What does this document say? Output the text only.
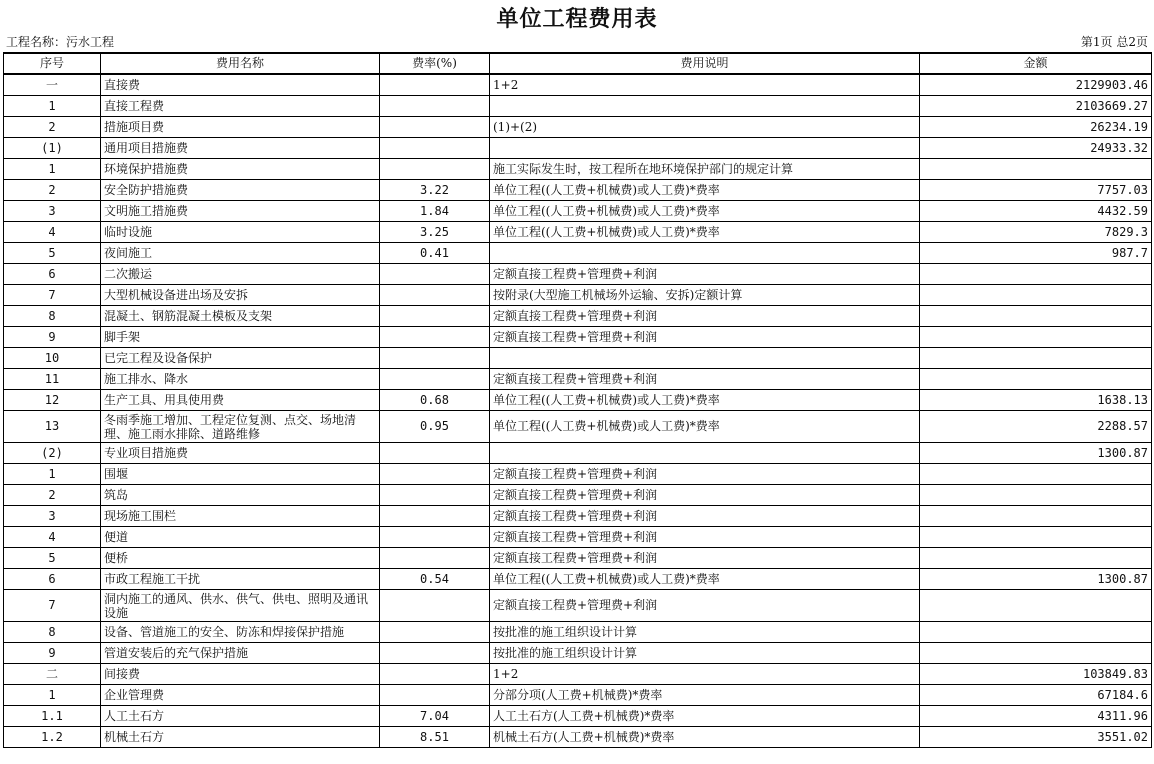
单位工程费用表
工程名称：污水工程	第1页 总2页
序号	费用名称	费率(%)	费用说明	金额
一	直接费		1+2	2129903.46
1	直接工程费			2103669.27
2	措施项目费		(1)+(2)	26234.19
(1)	通用项目措施费			24933.32
1	环境保护措施费		施工实际发生时，按工程所在地环境保护部门的规定计算	
2	安全防护措施费	3.22	单位工程((人工费+机械费)或人工费)*费率	7757.03
3	文明施工措施费	1.84	单位工程((人工费+机械费)或人工费)*费率	4432.59
4	临时设施	3.25	单位工程((人工费+机械费)或人工费)*费率	7829.3
5	夜间施工	0.41		987.7
6	二次搬运		定额直接工程费+管理费+利润	
7	大型机械设备进出场及安拆		按附录(大型施工机械场外运输、安拆)定额计算	
8	混凝土、钢筋混凝土模板及支架		定额直接工程费+管理费+利润	
9	脚手架		定额直接工程费+管理费+利润	
10	已完工程及设备保护			
11	施工排水、降水		定额直接工程费+管理费+利润	
12	生产工具、用具使用费	0.68	单位工程((人工费+机械费)或人工费)*费率	1638.13
13	冬雨季施工增加、工程定位复测、点交、场地清理、施工雨水排除、道路维修	0.95	单位工程((人工费+机械费)或人工费)*费率	2288.57
(2)	专业项目措施费			1300.87
1	围堰		定额直接工程费+管理费+利润	
2	筑岛		定额直接工程费+管理费+利润	
3	现场施工围栏		定额直接工程费+管理费+利润	
4	便道		定额直接工程费+管理费+利润	
5	便桥		定额直接工程费+管理费+利润	
6	市政工程施工干扰	0.54	单位工程((人工费+机械费)或人工费)*费率	1300.87
7	洞内施工的通风、供水、供气、供电、照明及通讯设施		定额直接工程费+管理费+利润	
8	设备、管道施工的安全、防冻和焊接保护措施		按批准的施工组织设计计算	
9	管道安装后的充气保护措施		按批准的施工组织设计计算	
二	间接费		1+2	103849.83
1	企业管理费		分部分项(人工费+机械费)*费率	67184.6
1.1	人工土石方	7.04	人工土石方(人工费+机械费)*费率	4311.96
1.2	机械土石方	8.51	机械土石方(人工费+机械费)*费率	3551.02
